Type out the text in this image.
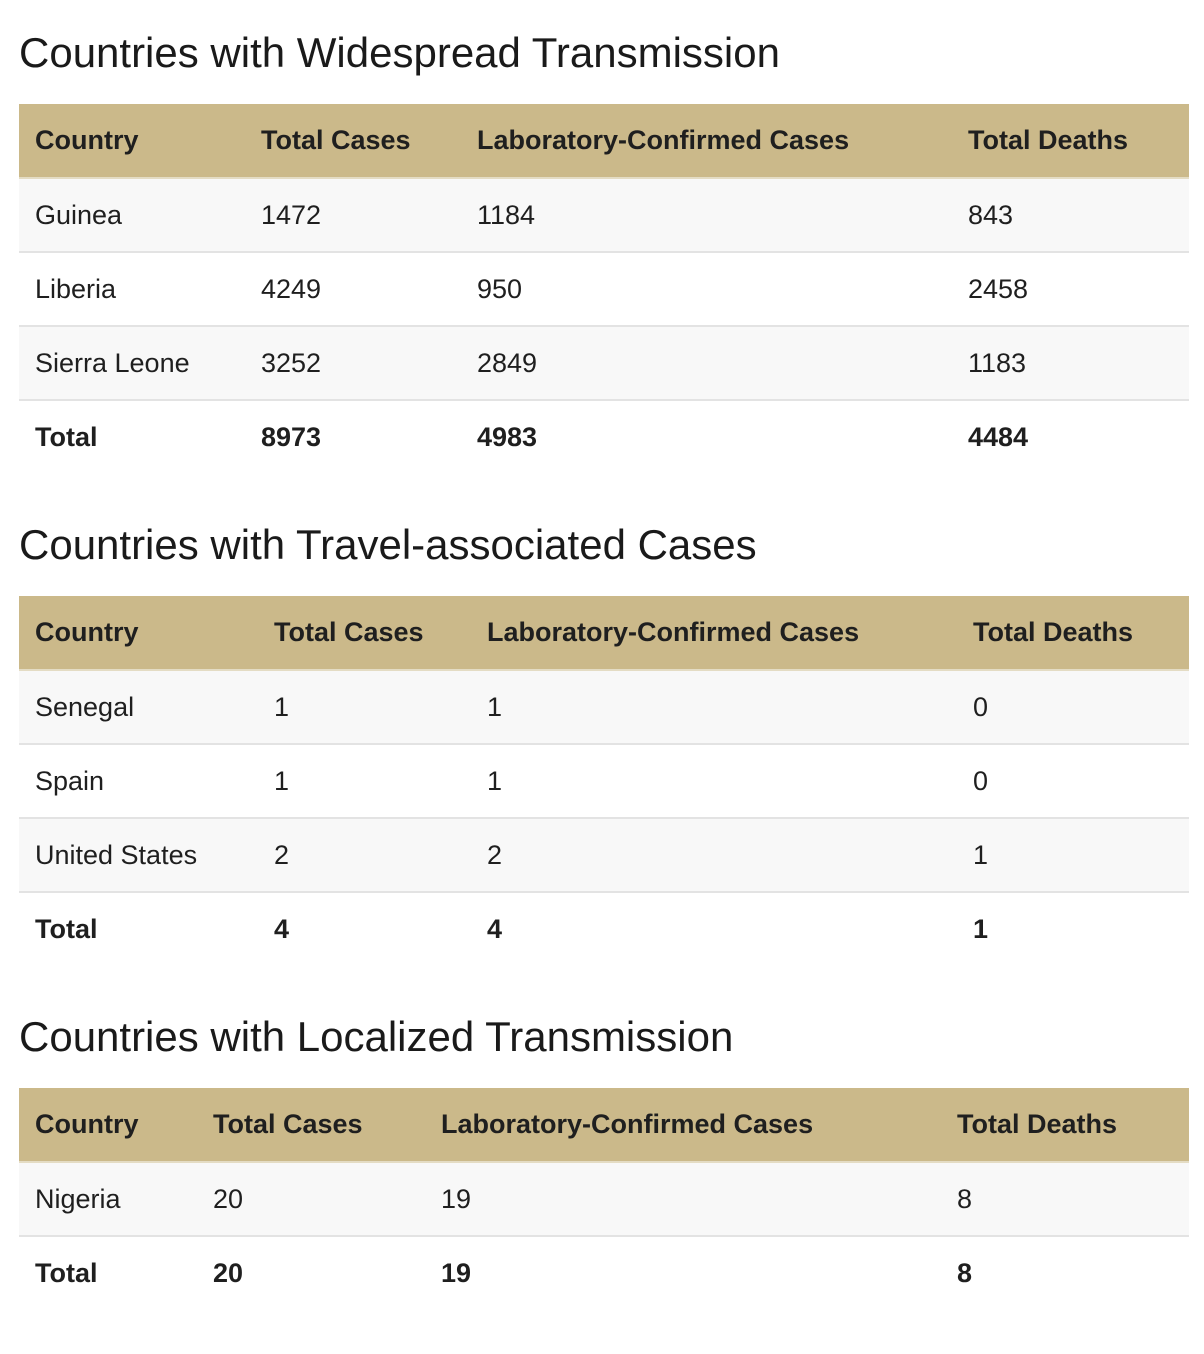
Countries with Widespread Transmission
Country	Total Cases	Laboratory-Confirmed Cases	Total Deaths
Guinea	1472	1184	843
Liberia	4249	950	2458
Sierra Leone	3252	2849	1183
Total	8973	4983	4484
Countries with Travel-associated Cases
Country	Total Cases	Laboratory-Confirmed Cases	Total Deaths
Senegal	1	1	0
Spain	1	1	0
United States	2	2	1
Total	4	4	1
Countries with Localized Transmission
Country	Total Cases	Laboratory-Confirmed Cases	Total Deaths
Nigeria	20	19	8
Total	20	19	8
